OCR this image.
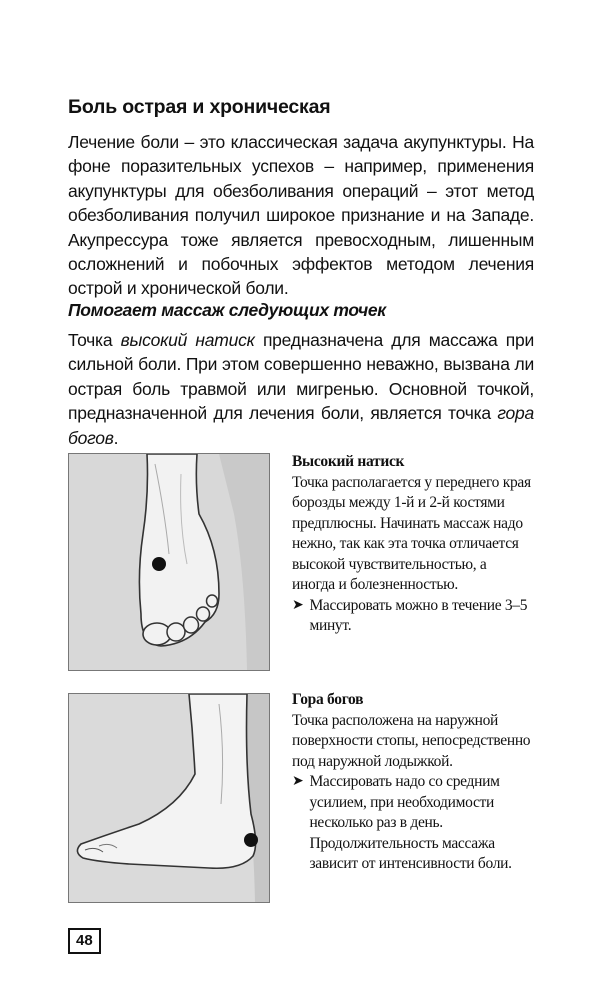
Боль острая и хроническая
Лечение боли – это классическая задача акупунктуры. На фоне поразительных успехов – например, применения акупунктуры для обезболивания операций – этот метод обезболивания получил широкое признание и на Западе. Акупрессура тоже является превосходным, лишенным осложнений и побочных эффектов методом лечения острой и хронической боли.
Помогает массаж следующих точек
Точка высокий натиск предназначена для массажа при сильной боли. При этом совершенно неважно, вызвана ли острая боль травмой или мигренью. Основной точкой, предназначенной для лечения боли, является точка гора богов.
Высокий натиск
Точка располагается у переднего края борозды между 1-й и 2-й костями предплюсны. Начинать массаж надо нежно, так как эта точка отличается высокой чувствительностью, а иногда и болезненностью.
➤ Массировать можно в течение 3–5 минут.
Гора богов
Точка расположена на наружной поверхности стопы, непосредственно под наружной лодыжкой.
➤ Массировать надо со средним усилием, при необходимости несколько раз в день. Продолжительность массажа зависит от интенсивности боли.
48
